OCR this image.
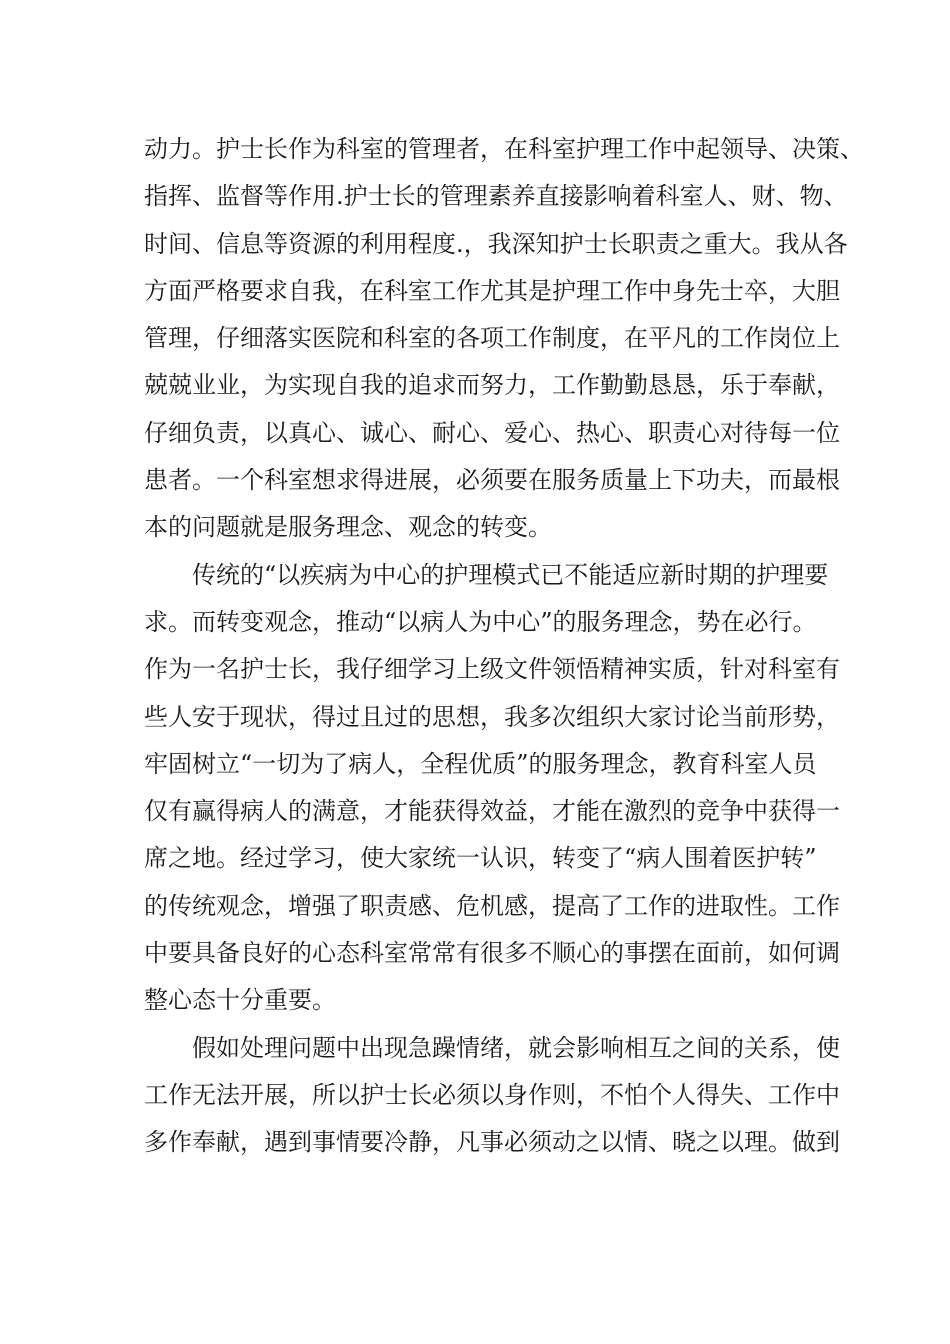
动力。护士长作为科室的管理者，在科室护理工作中起领导、决策、
指挥、监督等作用.护士长的管理素养直接影响着科室人、财、物、
时间、信息等资源的利用程度.，我深知护士长职责之重大。我从各
方面严格要求自我，在科室工作尤其是护理工作中身先士卒，大胆
管理，仔细落实医院和科室的各项工作制度，在平凡的工作岗位上
兢兢业业，为实现自我的追求而努力，工作勤勤恳恳，乐于奉献，
仔细负责，以真心、诚心、耐心、爱心、热心、职责心对待每一位
患者。一个科室想求得进展，必须要在服务质量上下功夫，而最根
本的问题就是服务理念、观念的转变。
传统的“以疾病为中心的护理模式已不能适应新时期的护理要
求。而转变观念，推动“以病人为中心”的服务理念，势在必行。
作为一名护士长，我仔细学习上级文件领悟精神实质，针对科室有
些人安于现状，得过且过的思想，我多次组织大家讨论当前形势，
牢固树立“一切为了病人，全程优质”的服务理念，教育科室人员
仅有赢得病人的满意，才能获得效益，才能在激烈的竞争中获得一
席之地。经过学习，使大家统一认识，转变了“病人围着医护转”
的传统观念，增强了职责感、危机感，提高了工作的进取性。工作
中要具备良好的心态科室常常有很多不顺心的事摆在面前，如何调
整心态十分重要。
假如处理问题中出现急躁情绪，就会影响相互之间的关系，使
工作无法开展，所以护士长必须以身作则，不怕个人得失、工作中
多作奉献，遇到事情要冷静，凡事必须动之以情、晓之以理。做到
